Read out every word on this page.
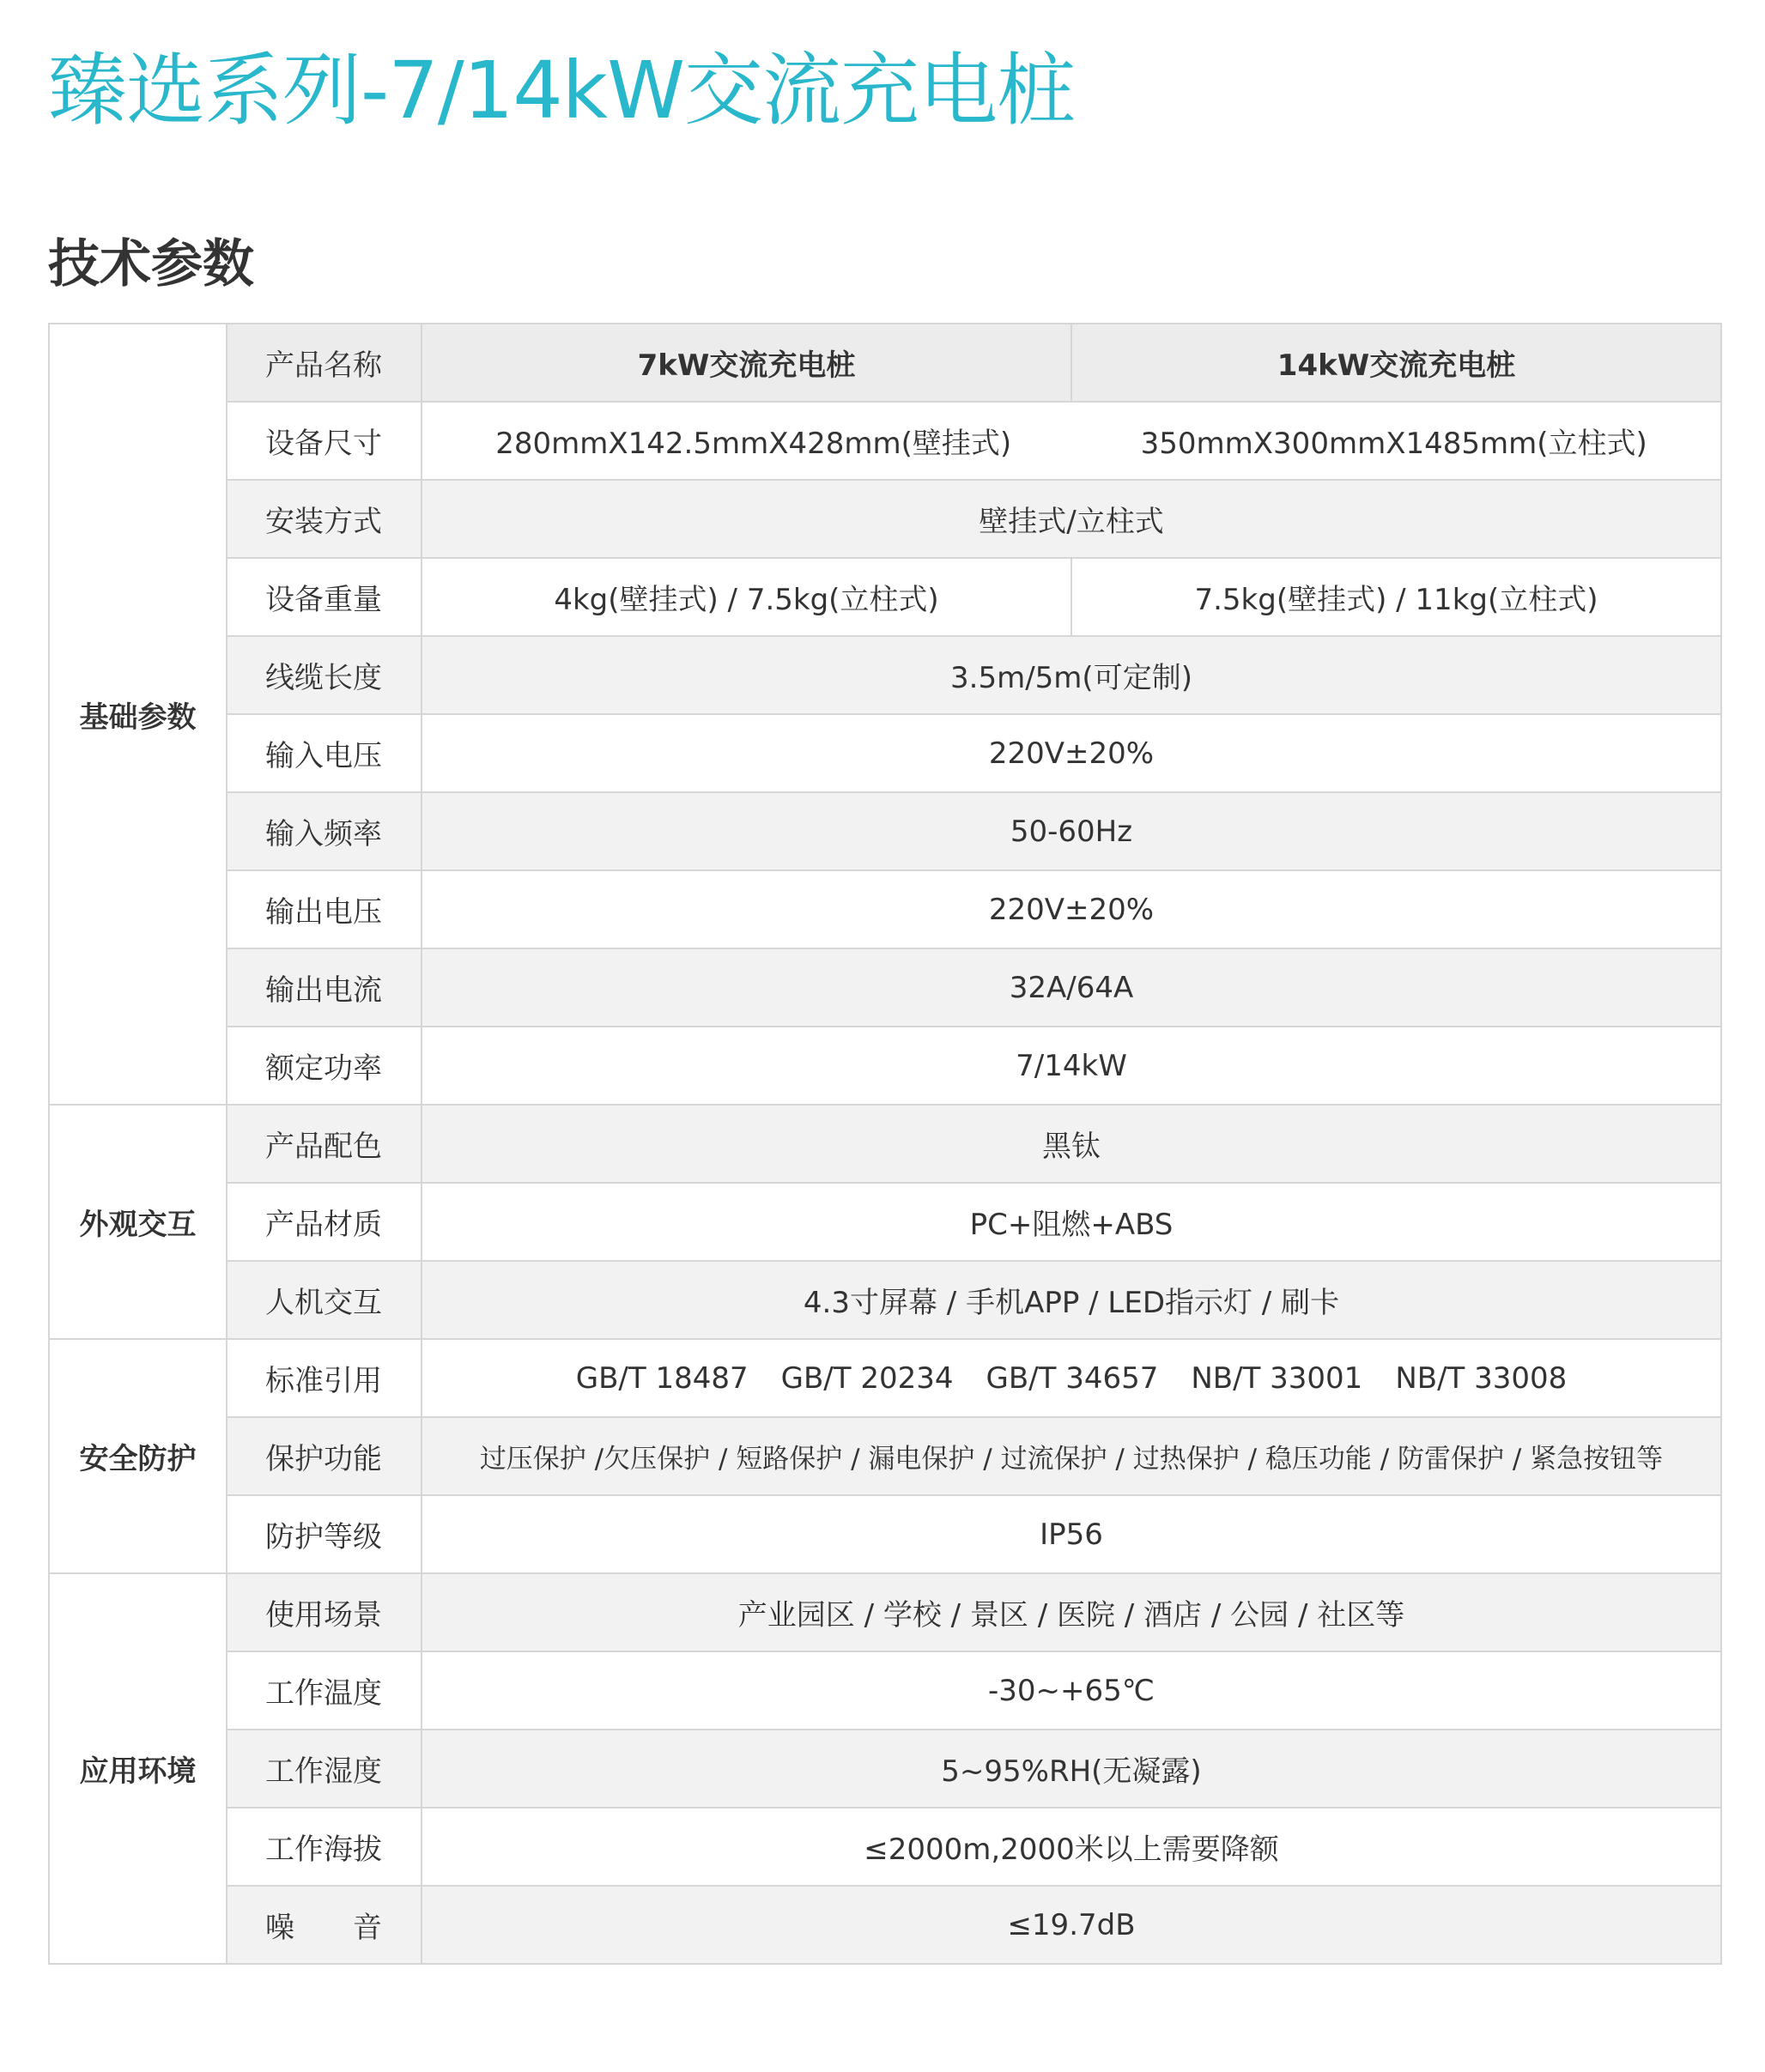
臻选系列-7/14kW交流充电桩
技术参数
基础参数	产品名称	7kW交流充电桩	14kW交流充电桩
	设备尺寸	280mmX142.5mmX428mm(壁挂式) 350mmX300mmX1485mm(立柱式)	

	安装方式	壁挂式/立柱式	
	设备重量	4kg(壁挂式) / 7.5kg(立柱式)	7.5kg(壁挂式) / 11kg(立柱式)
	线缆长度	3.5m/5m(可定制)	
	输入电压	220V±20%	
	输入频率	50-60Hz	
	输出电压	220V±20%	
	输出电流	32A/64A	
	额定功率	7/14kW	
外观交互	产品配色	黑钛	
	产品材质	PC+阻燃+ABS	
	人机交互	4.3寸屏幕 / 手机APP / LED指示灯 / 刷卡	
安全防护	标准引用	GB/T 18487 GB/T 20234 GB/T 34657 NB/T 33001 NB/T 33008	

	保护功能	过压保护 /欠压保护 / 短路保护 / 漏电保护 / 过流保护 / 过热保护 / 稳压功能 / 防雷保护 / 紧急按钮等	
	防护等级	IP56	
应用环境	使用场景	产业园区 / 学校 / 景区 / 医院 / 酒店 / 公园 / 社区等	
	工作温度	-30~+65℃	
	工作湿度	5~95%RH(无凝露)	
	工作海拔	≤2000m,2000米以上需要降额	
	噪　　音	≤19.7dB	
